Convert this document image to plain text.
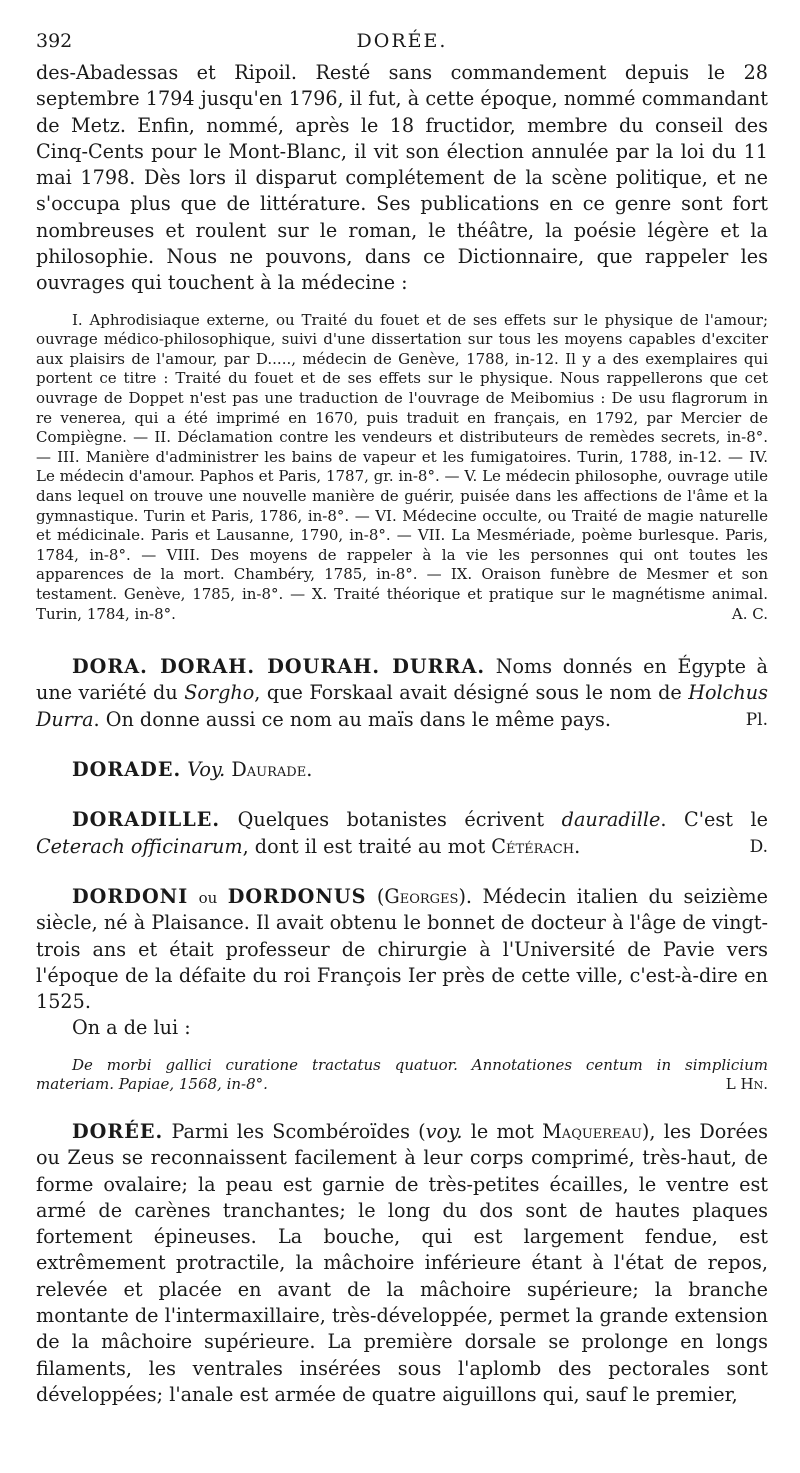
392	DORÉE.

des-Abadessas et Ripoil. Resté sans commandement depuis le 28 septembre 1794 jusqu'en 1796, il fut, à cette époque, nommé commandant de Metz. Enfin, nommé, après le 18 fructidor, membre du conseil des Cinq-Cents pour le Mont-Blanc, il vit son élection annulée par la loi du 11 mai 1798. Dès lors il disparut complétement de la scène politique, et ne s'occupa plus que de littérature. Ses publications en ce genre sont fort nombreuses et roulent sur le roman, le théâtre, la poésie légère et la philosophie. Nous ne pouvons, dans ce Dictionnaire, que rappeler les ouvrages qui touchent à la médecine :

I. Aphrodisiaque externe, ou Traité du fouet et de ses effets sur le physique de l'amour; ouvrage médico-philosophique, suivi d'une dissertation sur tous les moyens capables d'exciter aux plaisirs de l'amour, par D....., médecin de Genève, 1788, in-12. Il y a des exemplaires qui portent ce titre : Traité du fouet et de ses effets sur le physique. Nous rappellerons que cet ouvrage de Doppet n'est pas une traduction de l'ouvrage de Meibomius : De usu flagrorum in re venerea, qui a été imprimé en 1670, puis traduit en français, en 1792, par Mercier de Compiègne. — II. Déclamation contre les vendeurs et distributeurs de remèdes secrets, in-8°. — III. Manière d'administrer les bains de vapeur et les fumigatoires. Turin, 1788, in-12. — IV. Le médecin d'amour. Paphos et Paris, 1787, gr. in-8°. — V. Le médecin philosophe, ouvrage utile dans lequel on trouve une nouvelle manière de guérir, puisée dans les affections de l'âme et la gymnastique. Turin et Paris, 1786, in-8°. — VI. Médecine occulte, ou Traité de magie naturelle et médicinale. Paris et Lausanne, 1790, in-8°. — VII. La Mesmériade, poème burlesque. Paris, 1784, in-8°. — VIII. Des moyens de rappeler à la vie les personnes qui ont toutes les apparences de la mort. Chambéry, 1785, in-8°. — IX. Oraison funèbre de Mesmer et son testament. Genève, 1785, in-8°. — X. Traité théorique et pratique sur le magnétisme animal. Turin, 1784, in-8°.	A. C.

DORA. DORAH. DOURAH. DURRA. Noms donnés en Égypte à une variété du Sorgho, que Forskaal avait désigné sous le nom de Holchus Durra. On donne aussi ce nom au maïs dans le même pays.	Pl.

DORADE. Voy. Daurade.

DORADILLE. Quelques botanistes écrivent dauradille. C'est le Ceterach officinarum, dont il est traité au mot Cétérach.	D.

DORDONI ou DORDONUS (Georges). Médecin italien du seizième siècle, né à Plaisance. Il avait obtenu le bonnet de docteur à l'âge de vingt-trois ans et était professeur de chirurgie à l'Université de Pavie vers l'époque de la défaite du roi François Ier près de cette ville, c'est-à-dire en 1525.

On a de lui :

De morbi gallici curatione tractatus quatuor. Annotationes centum in simplicium materiam. Papiae, 1568, in-8°.	L Hn.

DORÉE. Parmi les Scombéroïdes (voy. le mot Maquereau), les Dorées ou Zeus se reconnaissent facilement à leur corps comprimé, très-haut, de forme ovalaire; la peau est garnie de très-petites écailles, le ventre est armé de carènes tranchantes; le long du dos sont de hautes plaques fortement épineuses. La bouche, qui est largement fendue, est extrêmement protractile, la mâchoire inférieure étant à l'état de repos, relevée et placée en avant de la mâchoire supérieure; la branche montante de l'intermaxillaire, très-développée, permet la grande extension de la mâchoire supérieure. La première dorsale se prolonge en longs filaments, les ventrales insérées sous l'aplomb des pectorales sont développées; l'anale est armée de quatre aiguillons qui, sauf le premier,
